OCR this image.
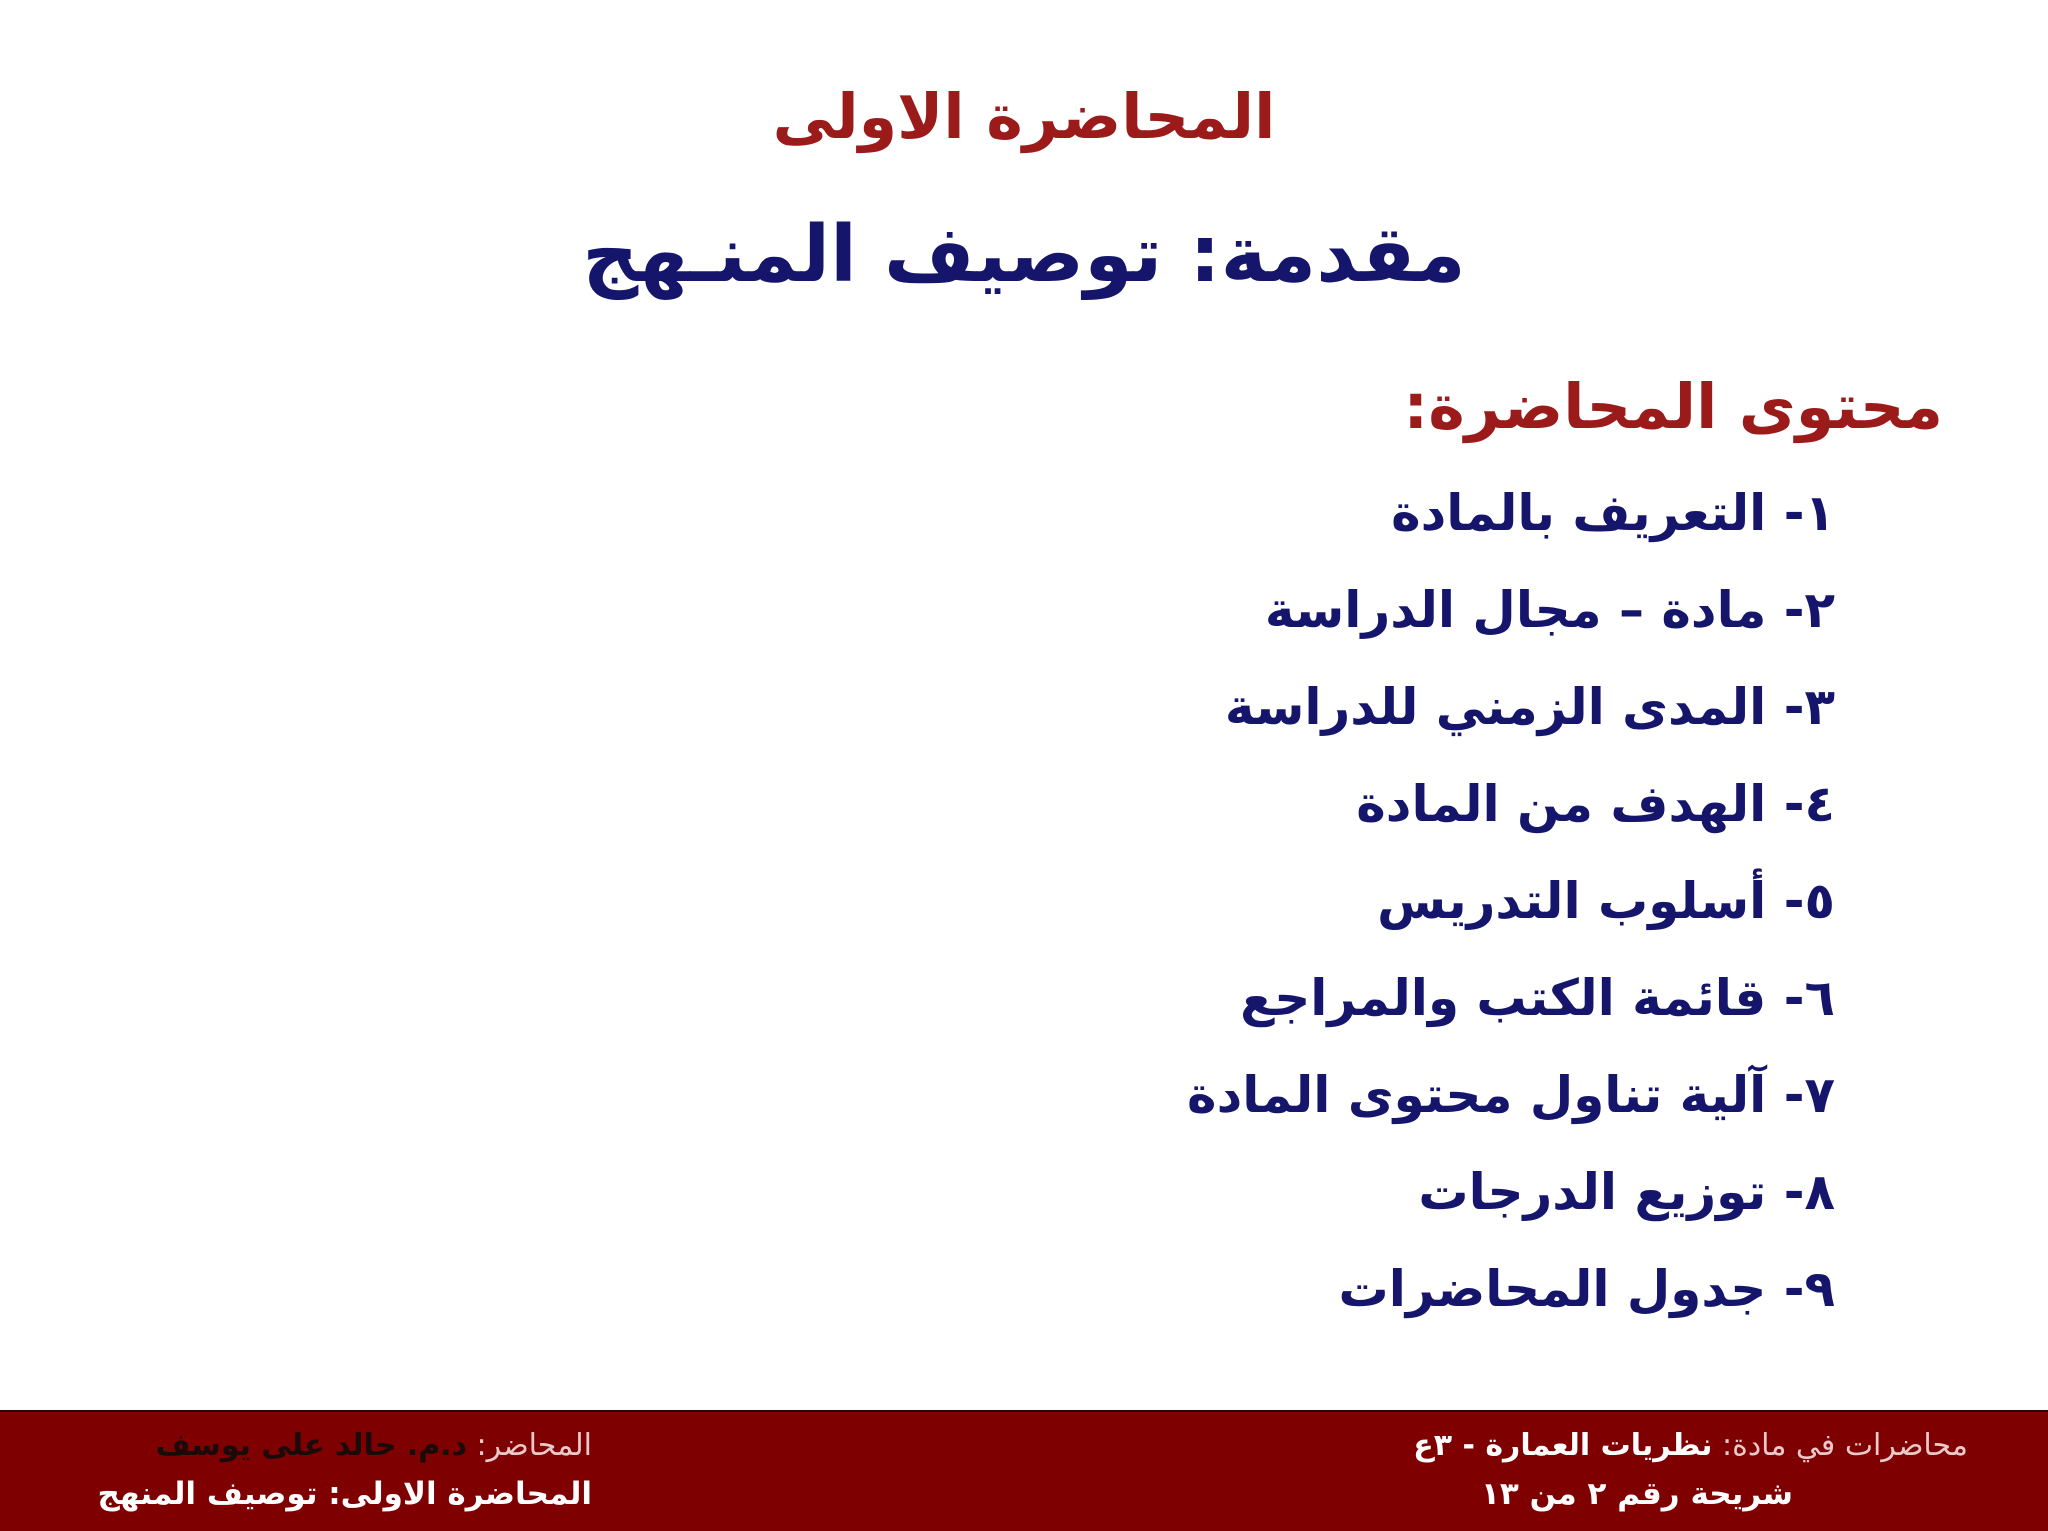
المحاضرة الاولى
مقدمة: توصيف المنـهج
محتوى المحاضرة:
١- التعريف بالمادة
٢- مادة – مجال الدراسة
٣- المدى الزمني للدراسة
٤- الهدف من المادة
٥- أسلوب التدريس
٦- قائمة الكتب والمراجع
٧- آلية تناول محتوى المادة
٨- توزيع الدرجات
٩- جدول المحاضرات
محاضرات في مادة: نظريات العمارة - ٣ع
شريحة رقم ٢ من ١٣
المحاضر: د.م. حالد على يوسف
المحاضرة الاولى: توصيف المنهج
